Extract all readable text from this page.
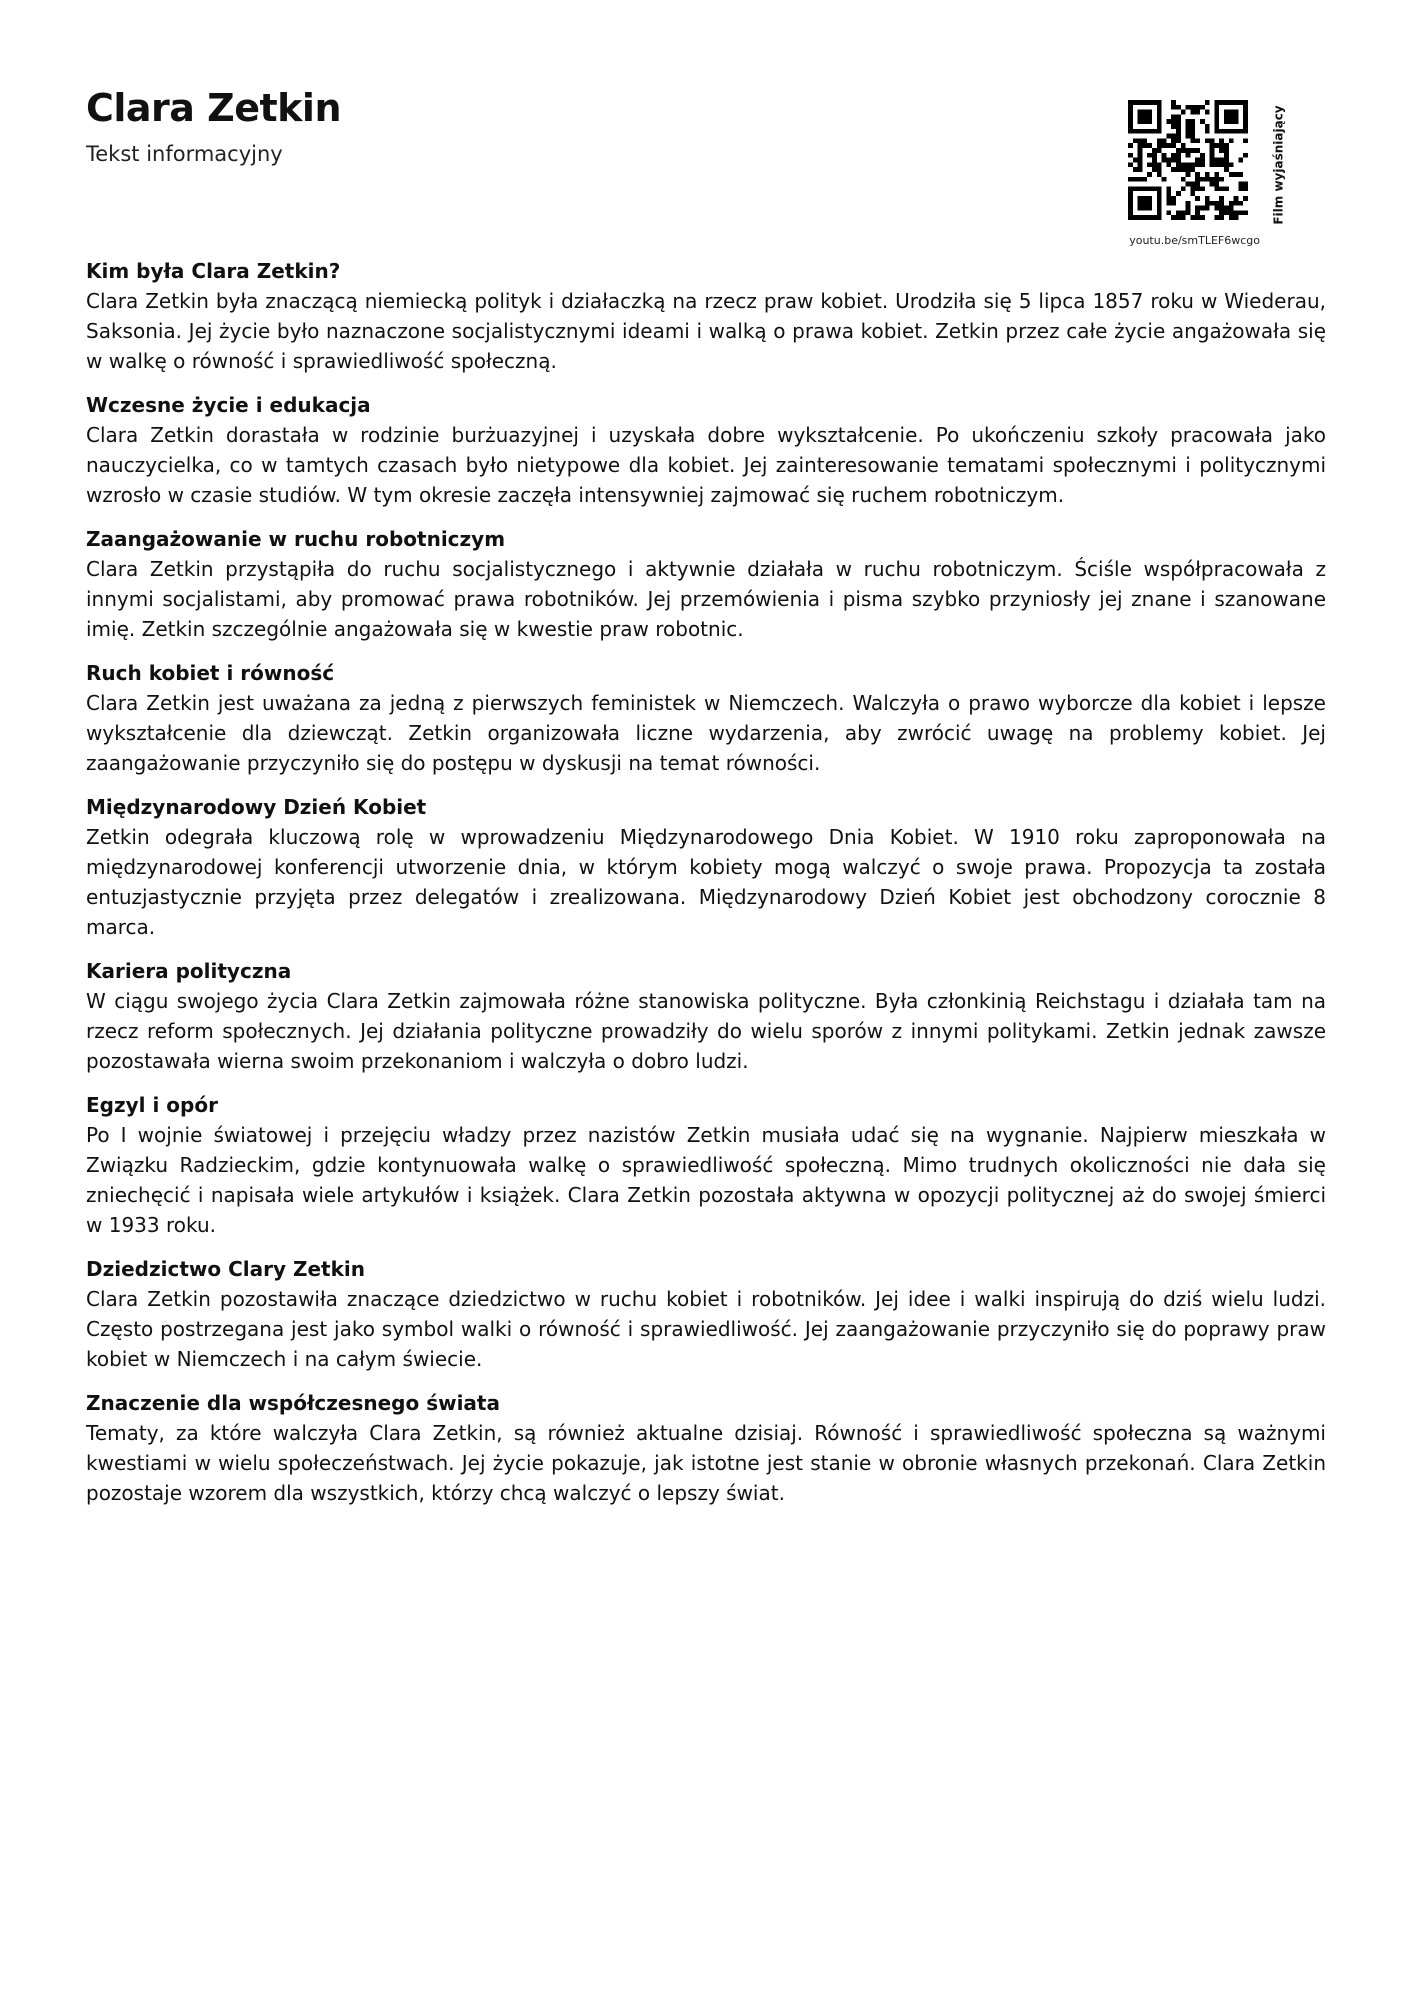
Clara Zetkin
Tekst informacyjny	Film wyjaśniający
youtu.be/smTLEF6wcgo
Kim była Clara Zetkin?

Clara Zetkin była znaczącą niemiecką polityk i działaczką na rzecz praw kobiet. Urodziła się 5 lipca 1857 roku w Wiederau, Saksonia. Jej życie było naznaczone socjalistycznymi ideami i walką o prawa kobiet. Zetkin przez całe życie angażowała się w walkę o równość i sprawiedliwość społeczną.

Wczesne życie i edukacja

Clara Zetkin dorastała w rodzinie burżuazyjnej i uzyskała dobre wykształcenie. Po ukończeniu szkoły pracowała jako nauczycielka, co w tamtych czasach było nietypowe dla kobiet. Jej zainteresowanie tematami społecznymi i politycznymi wzrosło w czasie studiów. W tym okresie zaczęła intensywniej zajmować się ruchem robotniczym.

Zaangażowanie w ruchu robotniczym

Clara Zetkin przystąpiła do ruchu socjalistycznego i aktywnie działała w ruchu robotniczym. Ściśle współpracowała z innymi socjalistami, aby promować prawa robotników. Jej przemówienia i pisma szybko przyniosły jej znane i szanowane imię. Zetkin szczególnie angażowała się w kwestie praw robotnic.

Ruch kobiet i równość

Clara Zetkin jest uważana za jedną z pierwszych feministek w Niemczech. Walczyła o prawo wyborcze dla kobiet i lepsze wykształcenie dla dziewcząt. Zetkin organizowała liczne wydarzenia, aby zwrócić uwagę na problemy kobiet. Jej zaangażowanie przyczyniło się do postępu w dyskusji na temat równości.

Międzynarodowy Dzień Kobiet

Zetkin odegrała kluczową rolę w wprowadzeniu Międzynarodowego Dnia Kobiet. W 1910 roku zaproponowała na międzynarodowej konferencji utworzenie dnia, w którym kobiety mogą walczyć o swoje prawa. Propozycja ta została entuzjastycznie przyjęta przez delegatów i zrealizowana. Międzynarodowy Dzień Kobiet jest obchodzony corocznie 8 marca.

Kariera polityczna

W ciągu swojego życia Clara Zetkin zajmowała różne stanowiska polityczne. Była członkinią Reichstagu i działała tam na rzecz reform społecznych. Jej działania polityczne prowadziły do wielu sporów z innymi politykami. Zetkin jednak zawsze pozostawała wierna swoim przekonaniom i walczyła o dobro ludzi.

Egzyl i opór

Po I wojnie światowej i przejęciu władzy przez nazistów Zetkin musiała udać się na wygnanie. Najpierw mieszkała w Związku Radzieckim, gdzie kontynuowała walkę o sprawiedliwość społeczną. Mimo trudnych okoliczności nie dała się zniechęcić i napisała wiele artykułów i książek. Clara Zetkin pozostała aktywna w opozycji politycznej aż do swojej śmierci w 1933 roku.

Dziedzictwo Clary Zetkin

Clara Zetkin pozostawiła znaczące dziedzictwo w ruchu kobiet i robotników. Jej idee i walki inspirują do dziś wielu ludzi. Często postrzegana jest jako symbol walki o równość i sprawiedliwość. Jej zaangażowanie przyczyniło się do poprawy praw kobiet w Niemczech i na całym świecie.

Znaczenie dla współczesnego świata

Tematy, za które walczyła Clara Zetkin, są również aktualne dzisiaj. Równość i sprawiedliwość społeczna są ważnymi kwestiami w wielu społeczeństwach. Jej życie pokazuje, jak istotne jest stanie w obronie własnych przekonań. Clara Zetkin pozostaje wzorem dla wszystkich, którzy chcą walczyć o lepszy świat.
